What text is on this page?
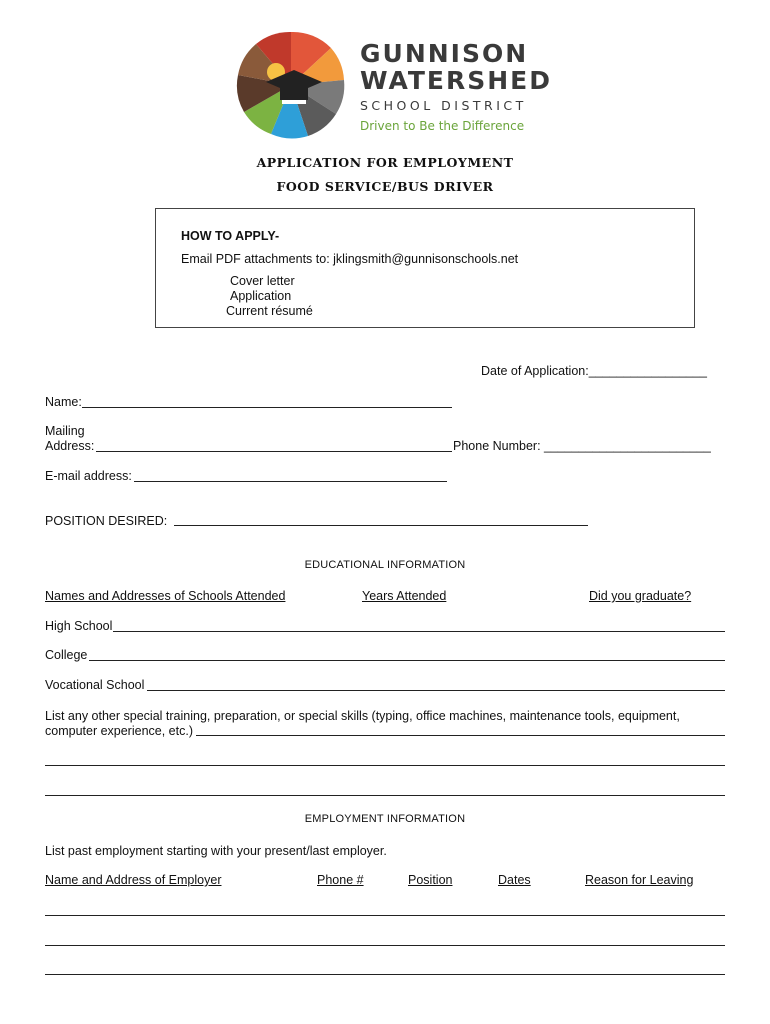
GUNNISON
WATERSHED
SCHOOL DISTRICT
Driven to Be the Difference
APPLICATION FOR EMPLOYMENT
FOOD SERVICE/BUS DRIVER
HOW TO APPLY-
Email PDF attachments to: jklingsmith@gunnisonschools.net
Cover letter
Application
Current résumé
Date of Application:_________________
Name:
Mailing
Address:	Phone Number: ________________________
E-mail address:
POSITION DESIRED:
EDUCATIONAL INFORMATION
Names and Addresses of Schools Attended	Years Attended	Did you graduate?
High School
College
Vocational School
List any other special training, preparation, or special skills (typing, office machines, maintenance tools, equipment,
computer experience, etc.)
EMPLOYMENT INFORMATION
List past employment starting with your present/last employer.
Name and Address of Employer	Phone #	Position	Dates	Reason for Leaving
